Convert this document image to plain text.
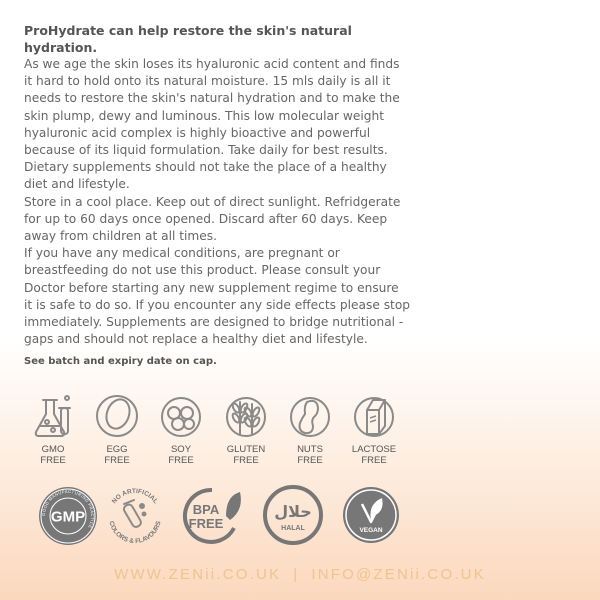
ProHydrate can help restore the skin's natural hydration.

As we age the skin loses its hyaluronic acid content and finds

it hard to hold onto its natural moisture. 15 mls daily is all it

needs to restore the skin's natural hydration and to make the

skin plump, dewy and luminous. This low molecular weight

hyaluronic acid complex is highly bioactive and powerful

because of its liquid formulation. Take daily for best results.

Dietary supplements should not take the place of a healthy

diet and lifestyle.

Store in a cool place. Keep out of direct sunlight. Refridgerate

for up to 60 days once opened. Discard after 60 days. Keep

away from children at all times.

If you have any medical conditions, are pregnant or

breastfeeding do not use this product. Please consult your

Doctor before starting any new supplement regime to ensure

it is safe to do so. If you encounter any side effects please stop

immediately. Supplements are designed to bridge nutritional -

gaps and should not replace a healthy diet and lifestyle.

See batch and expiry date on cap.
GMO
FREE
EGG
FREE
SOY
FREE
GLUTEN
FREE
NUTS
FREE
LACTOSE
FREE
GOOD MANUFACTURING PRACTICE
GMP
NO ARTIFICIAL
COLORS & FLAVOURS
BPA
FREE
حلال
HALAL	VEGAN
WWW.ZENii.CO.UK | INFO@ZENii.CO.UK
